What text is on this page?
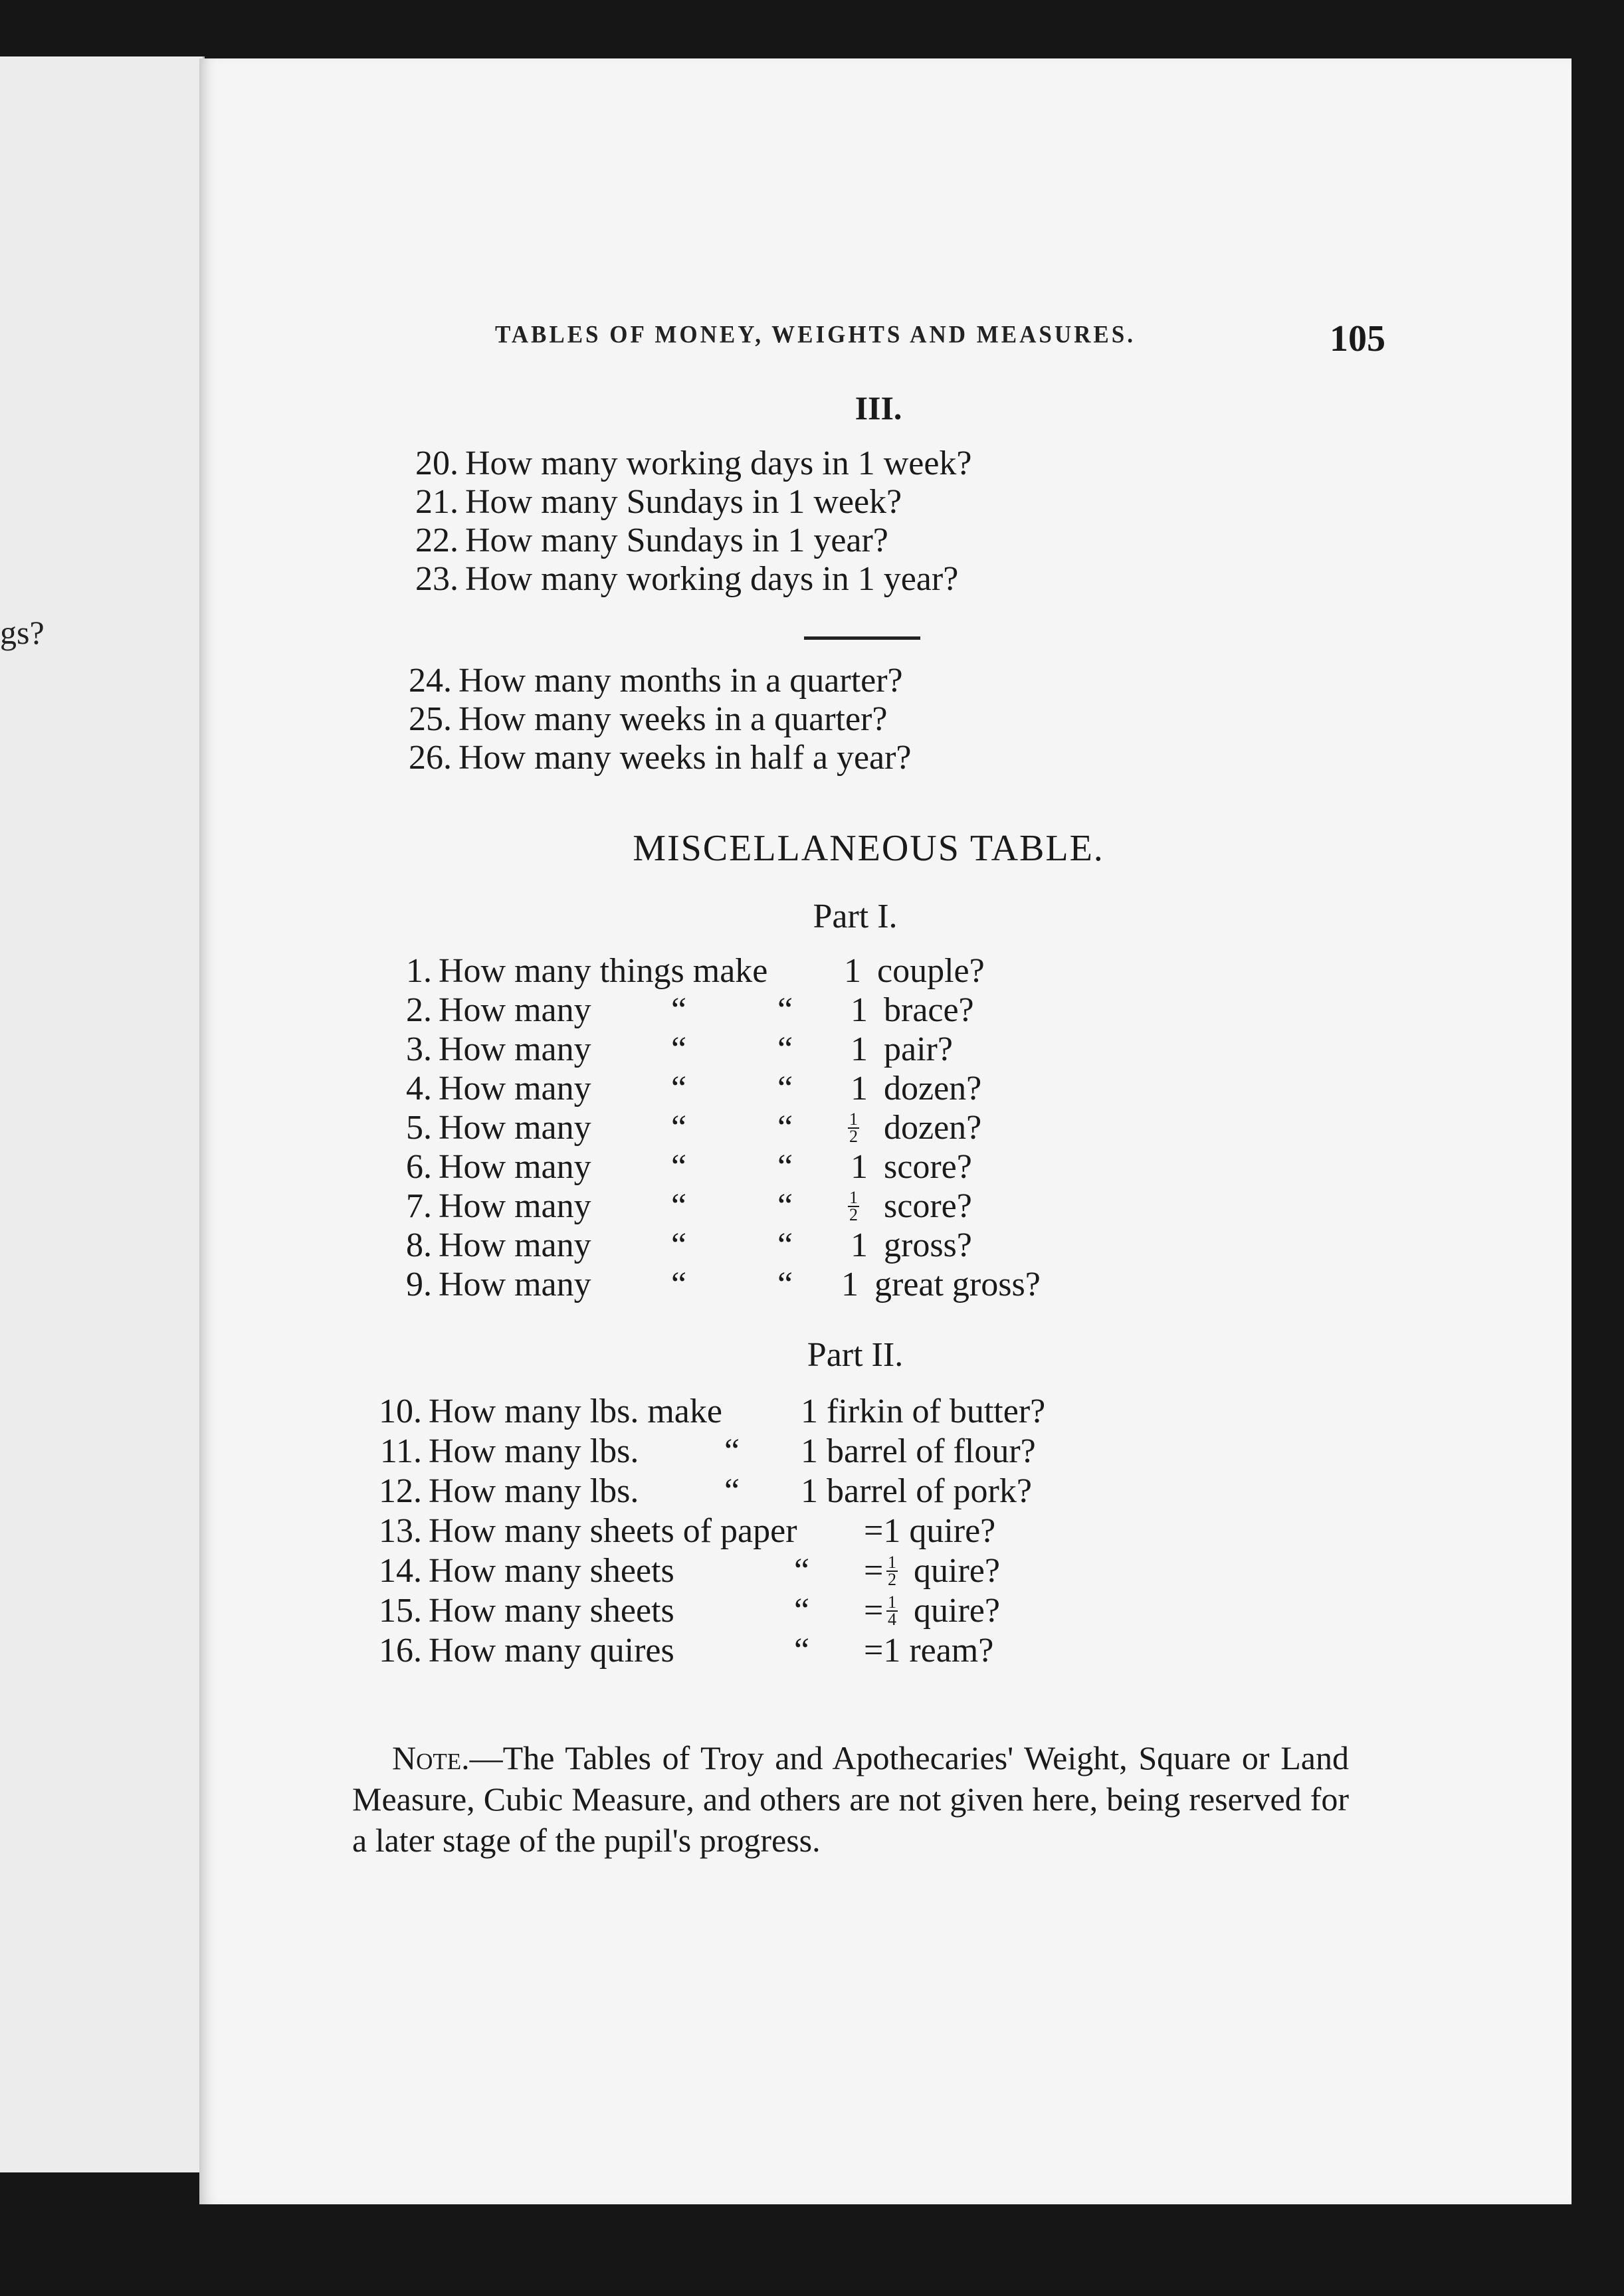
gs?
TABLES OF MONEY, WEIGHTS AND MEASURES.	105
III.
20. How many working days in 1 week?
21. How many Sundays in 1 week?
22. How many Sundays in 1 year?
23. How many working days in 1 year?
24. How many months in a quarter?
25. How many weeks in a quarter?
26. How many weeks in half a year?
MISCELLANEOUS TABLE.
Part I.
1. How many things make 1 couple?
2. How many “	“ 1 brace?
3. How many “	“ 1 pair?
4. How many “	“ 1 dozen?
5. How many “	“	$\frac{1}{2}$ dozen?
6. How many “	“ 1 score?
7. How many “	“	$\frac{1}{2}$ score?
8. How many “	“ 1 gross?
9. How many “	“ 1 great gross?
Part II.
10. How many lbs. make 1 firkin of butter?
11. How many lbs. “ 1 barrel of flour?
12. How many lbs. “ 1 barrel of pork?
13. How many sheets of paper =1 quire?
14. How many sheets	“ = $\frac{1}{2}$ quire?
15. How many sheets	“ = $\frac{1}{4}$ quire?
16. How many quires	“ =1 ream?

Note.—The Tables of Troy and Apothecaries' Weight, Square or Land Measure, Cubic Measure, and others are not given here, being reserved for a later stage of the pupil's progress.
